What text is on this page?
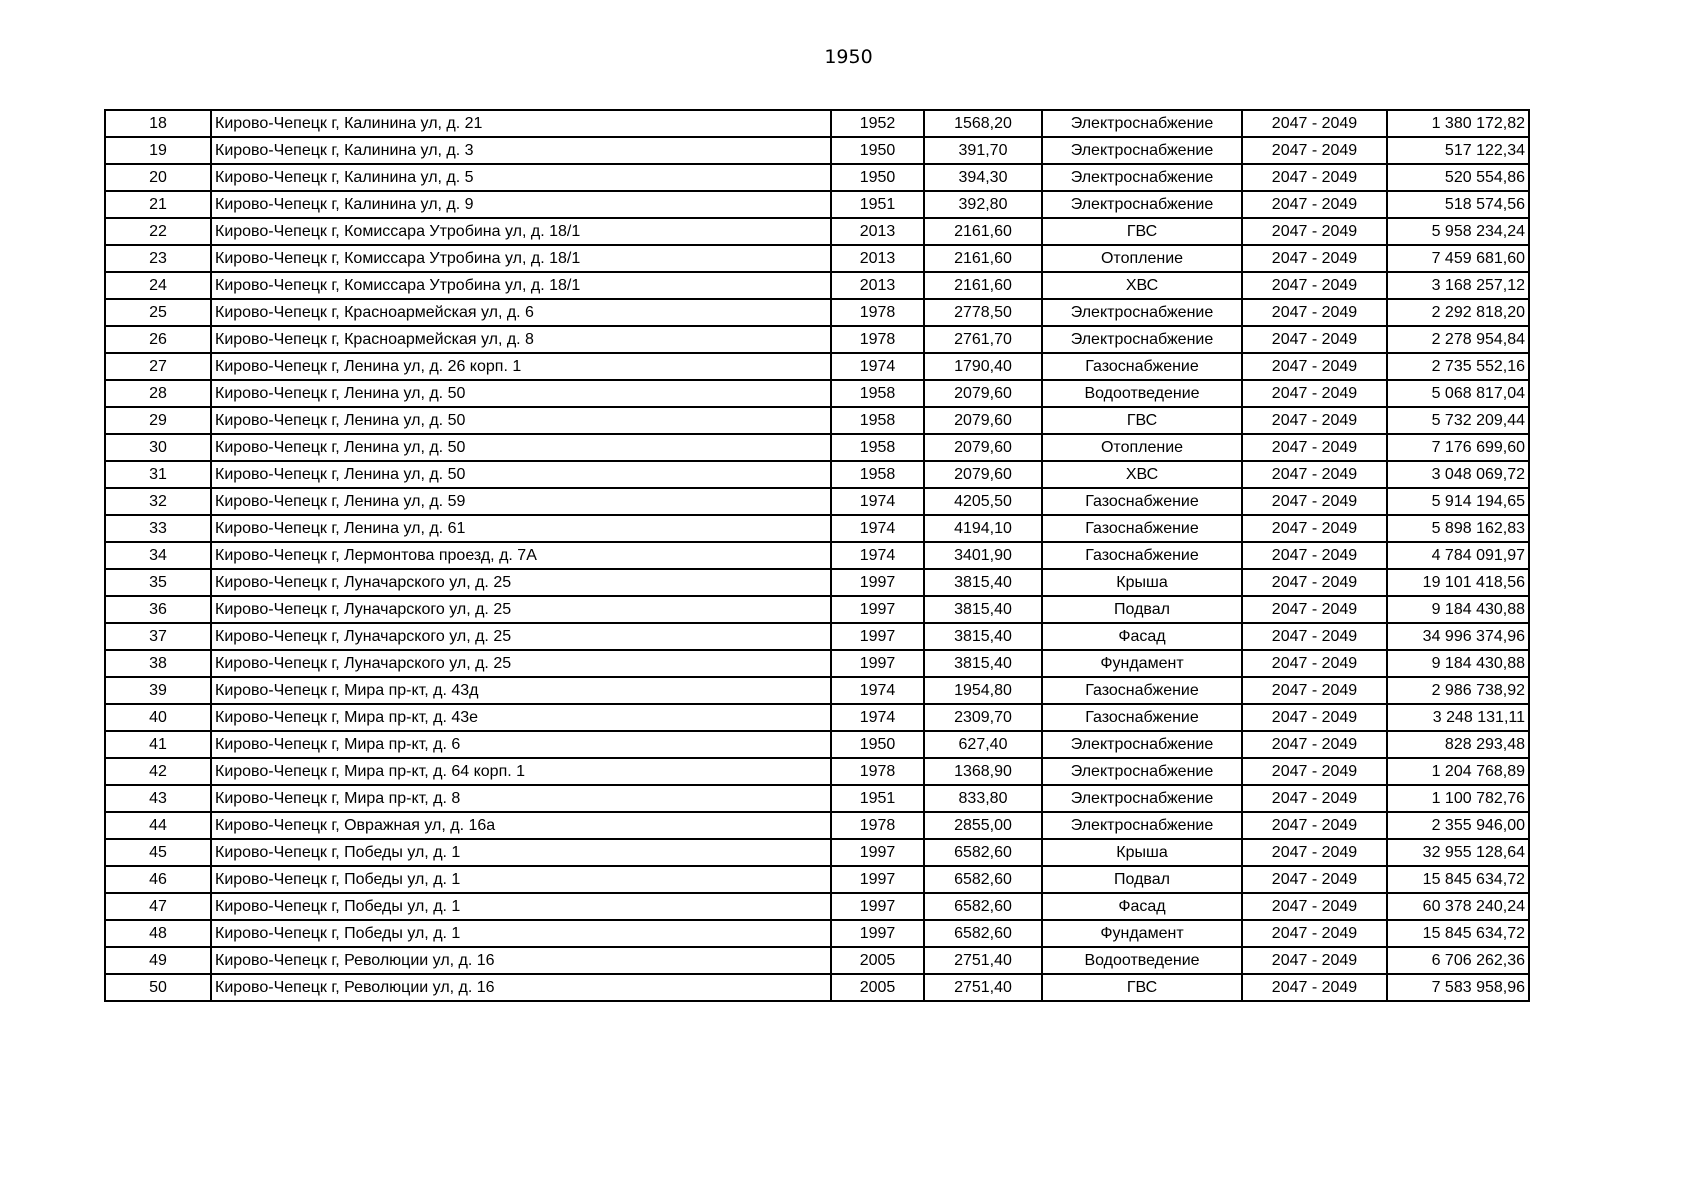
1950
18	Кирово-Чепецк г, Калинина ул, д. 21	1952	1568,20	Электроснабжение	2047 - 2049	1 380 172,82
19	Кирово-Чепецк г, Калинина ул, д. 3	1950	391,70	Электроснабжение	2047 - 2049	517 122,34
20	Кирово-Чепецк г, Калинина ул, д. 5	1950	394,30	Электроснабжение	2047 - 2049	520 554,86
21	Кирово-Чепецк г, Калинина ул, д. 9	1951	392,80	Электроснабжение	2047 - 2049	518 574,56
22	Кирово-Чепецк г, Комиссара Утробина ул, д. 18/1	2013	2161,60	ГВС	2047 - 2049	5 958 234,24
23	Кирово-Чепецк г, Комиссара Утробина ул, д. 18/1	2013	2161,60	Отопление	2047 - 2049	7 459 681,60
24	Кирово-Чепецк г, Комиссара Утробина ул, д. 18/1	2013	2161,60	ХВС	2047 - 2049	3 168 257,12
25	Кирово-Чепецк г, Красноармейская ул, д. 6	1978	2778,50	Электроснабжение	2047 - 2049	2 292 818,20
26	Кирово-Чепецк г, Красноармейская ул, д. 8	1978	2761,70	Электроснабжение	2047 - 2049	2 278 954,84
27	Кирово-Чепецк г, Ленина ул, д. 26 корп. 1	1974	1790,40	Газоснабжение	2047 - 2049	2 735 552,16
28	Кирово-Чепецк г, Ленина ул, д. 50	1958	2079,60	Водоотведение	2047 - 2049	5 068 817,04
29	Кирово-Чепецк г, Ленина ул, д. 50	1958	2079,60	ГВС	2047 - 2049	5 732 209,44
30	Кирово-Чепецк г, Ленина ул, д. 50	1958	2079,60	Отопление	2047 - 2049	7 176 699,60
31	Кирово-Чепецк г, Ленина ул, д. 50	1958	2079,60	ХВС	2047 - 2049	3 048 069,72
32	Кирово-Чепецк г, Ленина ул, д. 59	1974	4205,50	Газоснабжение	2047 - 2049	5 914 194,65
33	Кирово-Чепецк г, Ленина ул, д. 61	1974	4194,10	Газоснабжение	2047 - 2049	5 898 162,83
34	Кирово-Чепецк г, Лермонтова проезд, д. 7А	1974	3401,90	Газоснабжение	2047 - 2049	4 784 091,97
35	Кирово-Чепецк г, Луначарского ул, д. 25	1997	3815,40	Крыша	2047 - 2049	19 101 418,56
36	Кирово-Чепецк г, Луначарского ул, д. 25	1997	3815,40	Подвал	2047 - 2049	9 184 430,88
37	Кирово-Чепецк г, Луначарского ул, д. 25	1997	3815,40	Фасад	2047 - 2049	34 996 374,96
38	Кирово-Чепецк г, Луначарского ул, д. 25	1997	3815,40	Фундамент	2047 - 2049	9 184 430,88
39	Кирово-Чепецк г, Мира пр-кт, д. 43д	1974	1954,80	Газоснабжение	2047 - 2049	2 986 738,92
40	Кирово-Чепецк г, Мира пр-кт, д. 43е	1974	2309,70	Газоснабжение	2047 - 2049	3 248 131,11
41	Кирово-Чепецк г, Мира пр-кт, д. 6	1950	627,40	Электроснабжение	2047 - 2049	828 293,48
42	Кирово-Чепецк г, Мира пр-кт, д. 64 корп. 1	1978	1368,90	Электроснабжение	2047 - 2049	1 204 768,89
43	Кирово-Чепецк г, Мира пр-кт, д. 8	1951	833,80	Электроснабжение	2047 - 2049	1 100 782,76
44	Кирово-Чепецк г, Овражная ул, д. 16а	1978	2855,00	Электроснабжение	2047 - 2049	2 355 946,00
45	Кирово-Чепецк г, Победы ул, д. 1	1997	6582,60	Крыша	2047 - 2049	32 955 128,64
46	Кирово-Чепецк г, Победы ул, д. 1	1997	6582,60	Подвал	2047 - 2049	15 845 634,72
47	Кирово-Чепецк г, Победы ул, д. 1	1997	6582,60	Фасад	2047 - 2049	60 378 240,24
48	Кирово-Чепецк г, Победы ул, д. 1	1997	6582,60	Фундамент	2047 - 2049	15 845 634,72
49	Кирово-Чепецк г, Революции ул, д. 16	2005	2751,40	Водоотведение	2047 - 2049	6 706 262,36
50	Кирово-Чепецк г, Революции ул, д. 16	2005	2751,40	ГВС	2047 - 2049	7 583 958,96
